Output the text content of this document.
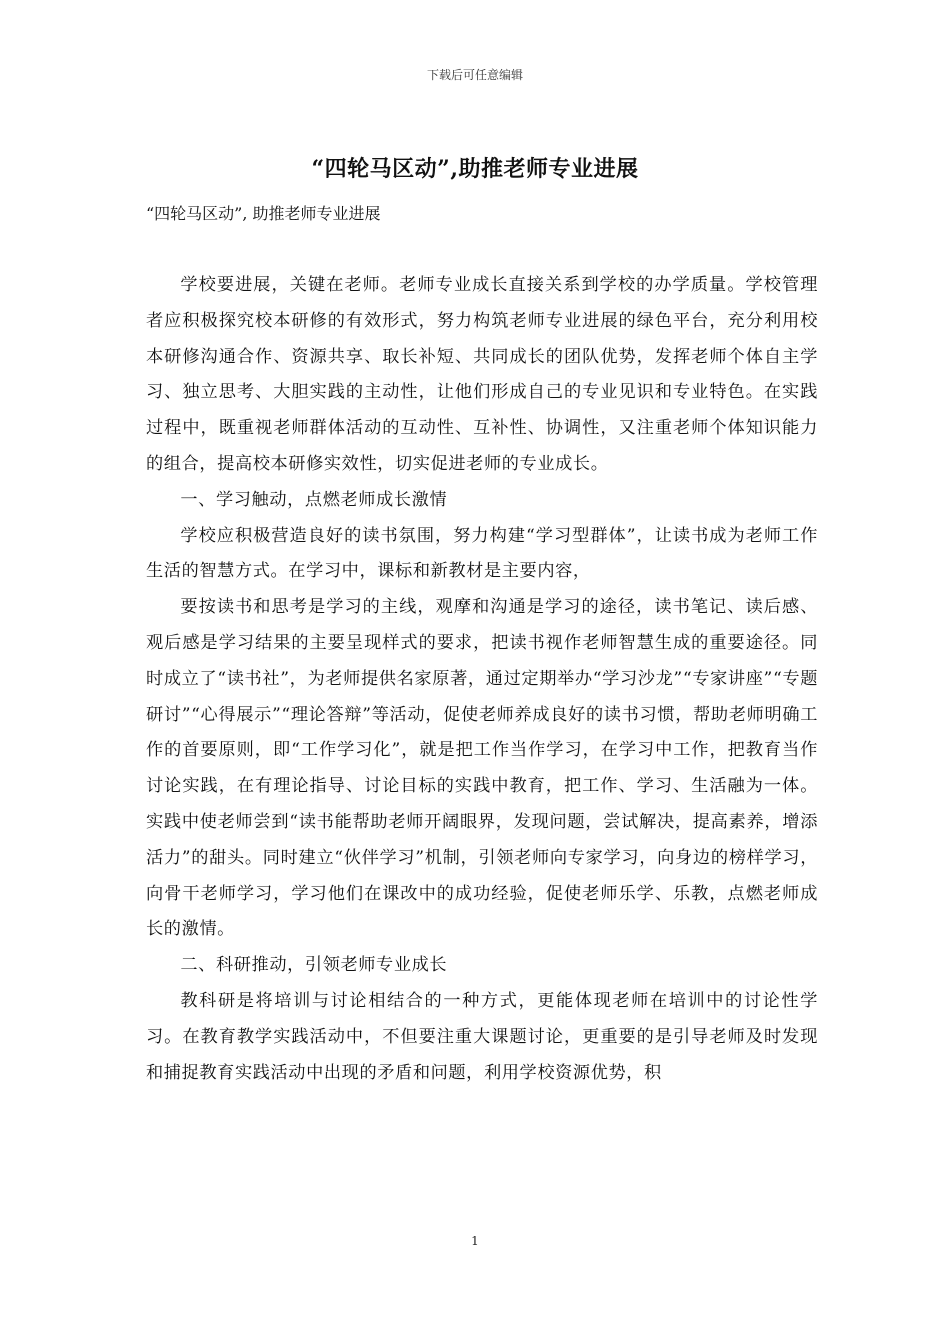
下载后可任意编辑
“四轮马区动”,助推老师专业进展
“四轮马区动”, 助推老师专业进展

学校要进展，关键在老师。老师专业成长直接关系到学校的办学质量。学校管理者应积极探究校本研修的有效形式，努力构筑老师专业进展的绿色平台，充分利用校本研修沟通合作、资源共享、取长补短、共同成长的团队优势，发挥老师个体自主学习、独立思考、大胆实践的主动性，让他们形成自己的专业见识和专业特色。在实践过程中，既重视老师群体活动的互动性、互补性、协调性，又注重老师个体知识能力的组合，提高校本研修实效性，切实促进老师的专业成长。

一、学习触动，点燃老师成长激情

学校应积极营造良好的读书氛围，努力构建“学习型群体”，让读书成为老师工作生活的智慧方式。在学习中，课标和新教材是主要内容，

要按读书和思考是学习的主线，观摩和沟通是学习的途径，读书笔记、读后感、观后感是学习结果的主要呈现样式的要求，把读书视作老师智慧生成的重要途径。同时成立了“读书社”，为老师提供名家原著，通过定期举办“学习沙龙”“专家讲座”“专题研讨”“心得展示”“理论答辩”等活动，促使老师养成良好的读书习惯，帮助老师明确工作的首要原则，即“工作学习化”，就是把工作当作学习，在学习中工作，把教育当作讨论实践，在有理论指导、讨论目标的实践中教育，把工作、学习、生活融为一体。实践中使老师尝到“读书能帮助老师开阔眼界，发现问题，尝试解决，提高素养，增添活力”的甜头。同时建立“伙伴学习”机制，引领老师向专家学习，向身边的榜样学习，向骨干老师学习，学习他们在课改中的成功经验，促使老师乐学、乐教，点燃老师成长的激情。

二、科研推动，引领老师专业成长

教科研是将培训与讨论相结合的一种方式，更能体现老师在培训中的讨论性学习。在教育教学实践活动中，不但要注重大课题讨论，更重要的是引导老师及时发现和捕捉教育实践活动中出现的矛盾和问题，利用学校资源优势，积

1
